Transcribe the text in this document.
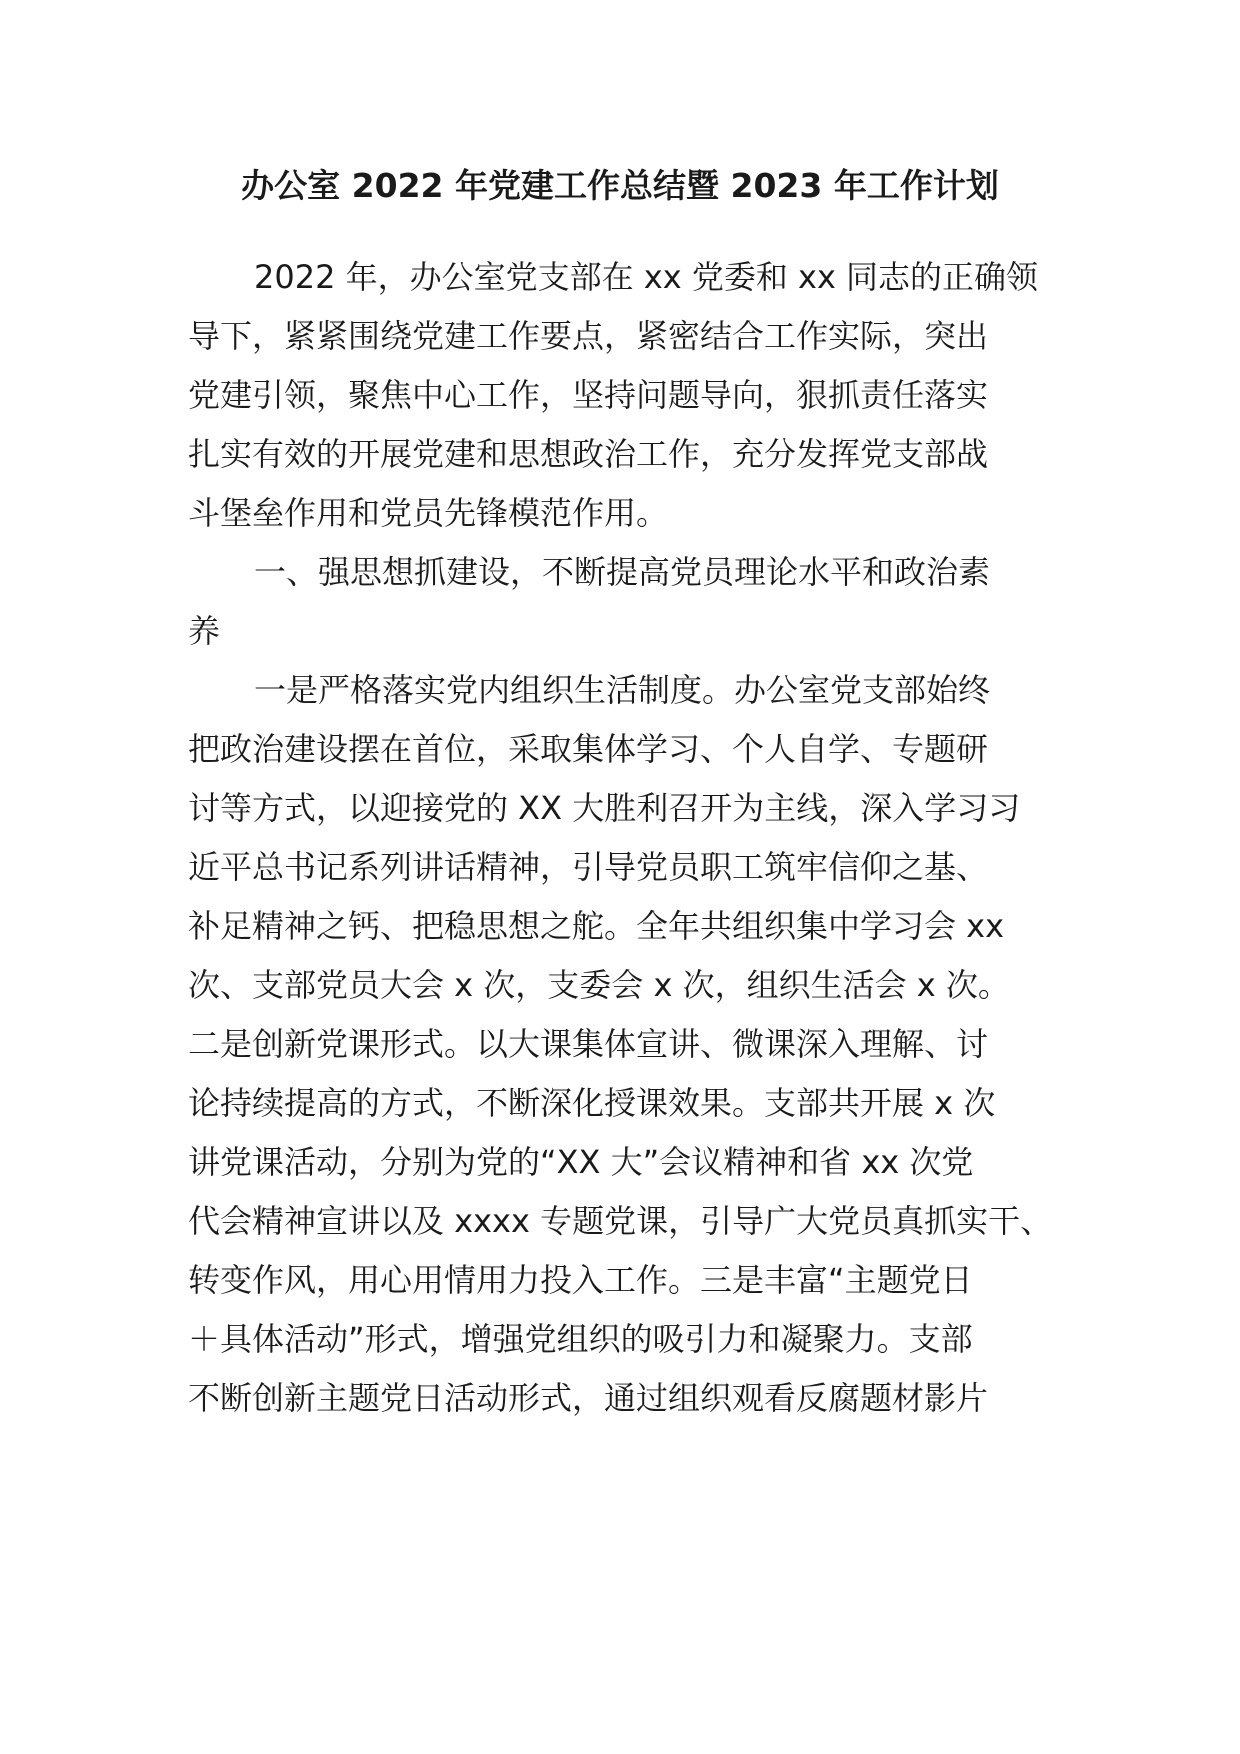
办公室 2022 年党建工作总结暨 2023 年工作计划
2022 年，办公室党支部在 xx 党委和 xx 同志的正确领
导下，紧紧围绕党建工作要点，紧密结合工作实际，突出
党建引领，聚焦中心工作，坚持问题导向，狠抓责任落实
扎实有效的开展党建和思想政治工作，充分发挥党支部战
斗堡垒作用和党员先锋模范作用。
一、强思想抓建设，不断提高党员理论水平和政治素
养
一是严格落实党内组织生活制度。办公室党支部始终
把政治建设摆在首位，采取集体学习、个人自学、专题研
讨等方式，以迎接党的 XX 大胜利召开为主线，深入学习习
近平总书记系列讲话精神，引导党员职工筑牢信仰之基、
补足精神之钙、把稳思想之舵。全年共组织集中学习会 xx
次、支部党员大会 x 次，支委会 x 次，组织生活会 x 次。
二是创新党课形式。以大课集体宣讲、微课深入理解、讨
论持续提高的方式，不断深化授课效果。支部共开展 x 次
讲党课活动，分别为党的“XX 大”会议精神和省 xx 次党
代会精神宣讲以及 xxxx 专题党课，引导广大党员真抓实干、
转变作风，用心用情用力投入工作。三是丰富“主题党日
＋具体活动”形式，增强党组织的吸引力和凝聚力。支部
不断创新主题党日活动形式，通过组织观看反腐题材影片
